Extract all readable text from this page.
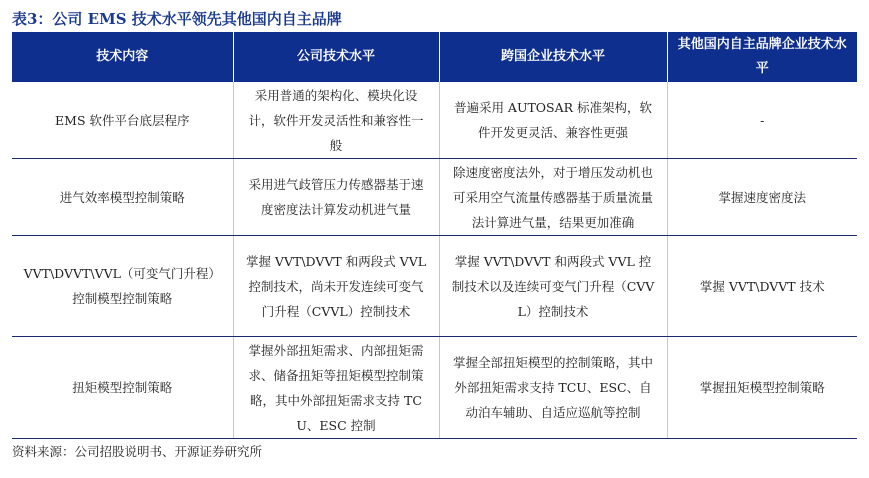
表3：公司 EMS 技术水平领先其他国内自主品牌
技术内容	公司技术水平	跨国企业技术水平	其他国内自主品牌企业技术水平
EMS 软件平台底层程序	采用普通的架构化、模块化设计，软件开发灵活性和兼容性一般	普遍采用 AUTOSAR 标准架构，软件开发更灵活、兼容性更强	-
进气效率模型控制策略	采用进气歧管压力传感器基于速度密度法计算发动机进气量	除速度密度法外，对于增压发动机也可采用空气流量传感器基于质量流量法计算进气量，结果更加准确	掌握速度密度法
VVT\DVVT\VVL（可变气门升程）控制模型控制策略	掌握 VVT\DVVT 和两段式 VVL 控制技术，尚未开发连续可变气门升程（CVVL）控制技术	掌握 VVT\DVVT 和两段式 VVL 控制技术以及连续可变气门升程（CVVL）控制技术	掌握 VVT\DVVT 技术
扭矩模型控制策略	掌握外部扭矩需求、内部扭矩需求、储备扭矩等扭矩模型控制策略，其中外部扭矩需求支持 TCU、ESC 控制	掌握全部扭矩模型的控制策略，其中外部扭矩需求支持 TCU、ESC、自动泊车辅助、自适应巡航等控制	掌握扭矩模型控制策略
资料来源：公司招股说明书、开源证券研究所
